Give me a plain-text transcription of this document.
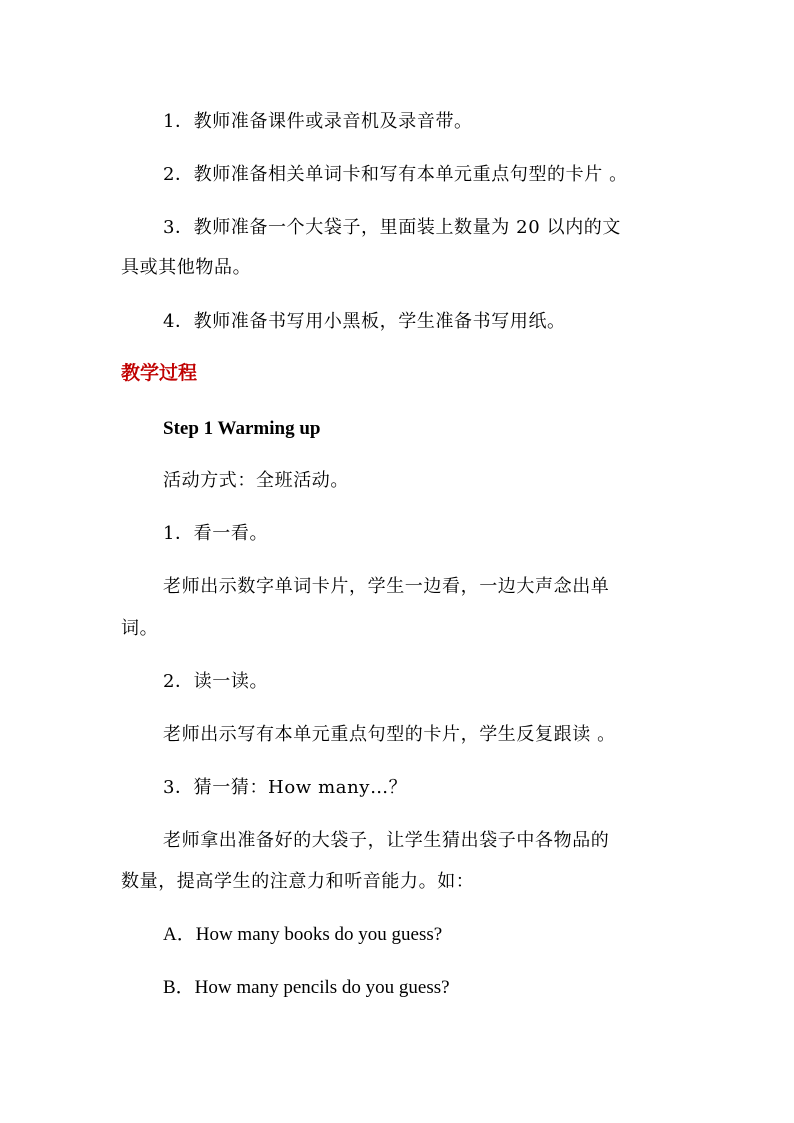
1．教师准备课件或录音机及录音带。
2．教师准备相关单词卡和写有本单元重点句型的卡片 。
3．教师准备一个大袋子，里面装上数量为 20 以内的文
具或其他物品。
4．教师准备书写用小黑板，学生准备书写用纸。
教学过程
Step 1 Warming up
活动方式：全班活动。
1．看一看。
老师出示数字单词卡片，学生一边看，一边大声念出单
词。
2．读一读。
老师出示写有本单元重点句型的卡片，学生反复跟读 。
3．猜一猜：How many…？
老师拿出准备好的大袋子，让学生猜出袋子中各物品的
数量，提高学生的注意力和听音能力。如：
A．How many books do you guess?
B．How many pencils do you guess?
